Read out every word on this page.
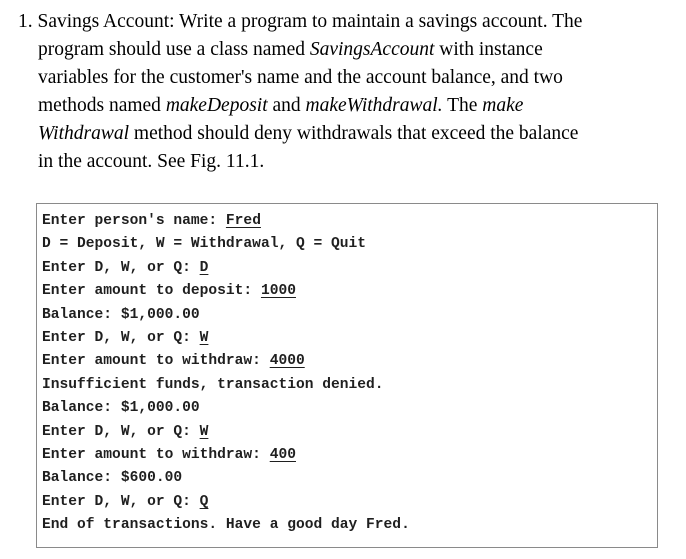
1. Savings Account: Write a program to maintain a savings account. The
program should use a class named SavingsAccount with instance
variables for the customer's name and the account balance, and two
methods named makeDeposit and makeWithdrawal. The make
Withdrawal method should deny withdrawals that exceed the balance
in the account. See Fig. 11.1.
Enter person's name: Fred
D = Deposit, W = Withdrawal, Q = Quit
Enter D, W, or Q: D
Enter amount to deposit: 1000
Balance: $1,000.00
Enter D, W, or Q: W
Enter amount to withdraw: 4000
Insufficient funds, transaction denied.
Balance: $1,000.00
Enter D, W, or Q: W
Enter amount to withdraw: 400
Balance: $600.00
Enter D, W, or Q: Q
End of transactions. Have a good day Fred.
